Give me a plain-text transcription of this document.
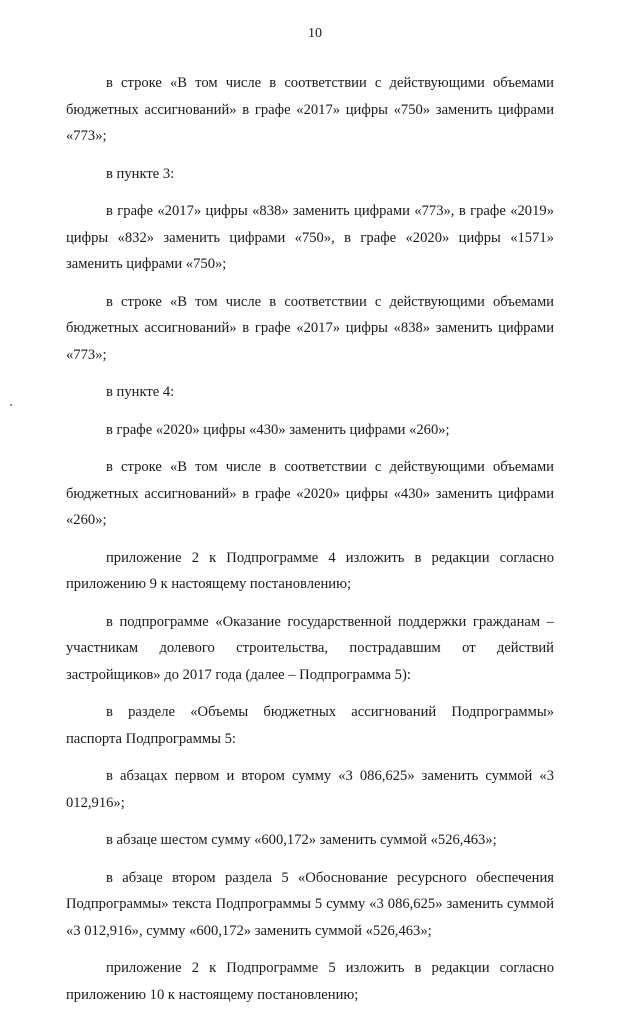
10

в строке «В том числе в соответствии с действующими объемами бюджетных ассигнований» в графе «2017» цифры «750» заменить цифрами «773»;

в пункте 3:

в графе «2017» цифры «838» заменить цифрами «773», в графе «2019» цифры «832» заменить цифрами «750», в графе «2020» цифры «1571» заменить цифрами «750»;

в строке «В том числе в соответствии с действующими объемами бюджетных ассигнований» в графе «2017» цифры «838» заменить цифрами «773»;

в пункте 4:

в графе «2020» цифры «430» заменить цифрами «260»;

в строке «В том числе в соответствии с действующими объемами бюджетных ассигнований» в графе «2020» цифры «430» заменить цифрами «260»;

приложение 2 к Подпрограмме 4 изложить в редакции согласно приложению 9 к настоящему постановлению;

в подпрограмме «Оказание государственной поддержки гражданам – участникам долевого строительства, пострадавшим от действий застройщиков» до 2017 года (далее – Подпрограмма 5):

в разделе «Объемы бюджетных ассигнований Подпрограммы» паспорта Подпрограммы 5:

в абзацах первом и втором сумму «3 086,625» заменить суммой «3 012,916»;

в абзаце шестом сумму «600,172» заменить суммой «526,463»;

в абзаце втором раздела 5 «Обоснование ресурсного обеспечения Подпрограммы» текста Подпрограммы 5 сумму «3 086,625» заменить суммой «3 012,916», сумму «600,172» заменить суммой «526,463»;

приложение 2 к Подпрограмме 5 изложить в редакции согласно приложению 10 к настоящему постановлению;
